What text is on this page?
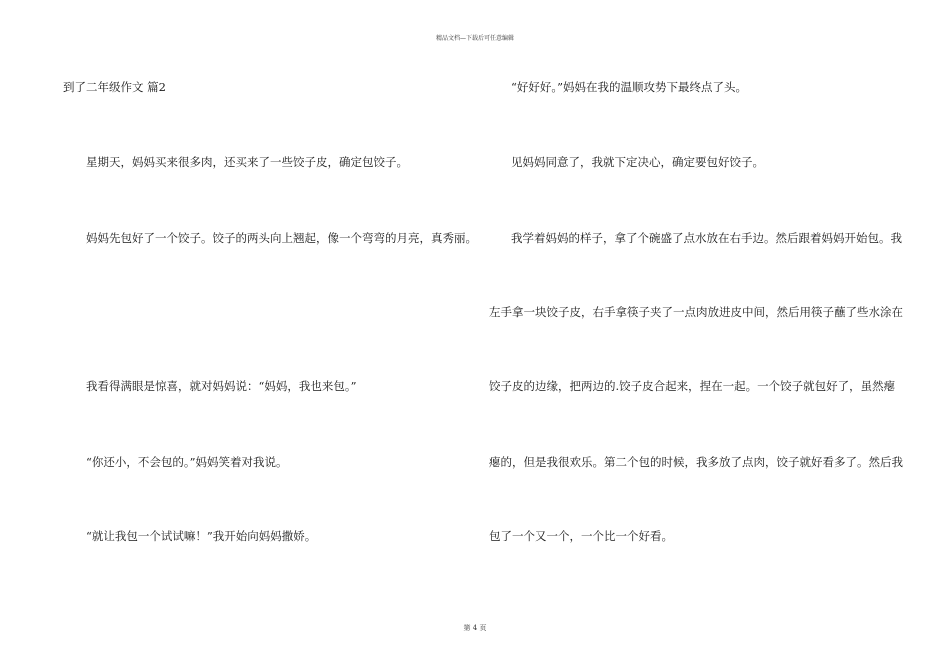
精品文档—下载后可任意编辑
到了二年级作文 篇2
星期天，妈妈买来很多肉，还买来了一些饺子皮，确定包饺子。
妈妈先包好了一个饺子。饺子的两头向上翘起，像一个弯弯的月亮，真秀丽。
我看得满眼是惊喜，就对妈妈说：“妈妈，我也来包。”
“你还小，不会包的。”妈妈笑着对我说。
“就让我包一个试试嘛！”我开始向妈妈撒娇。
“好好好。”妈妈在我的温顺攻势下最终点了头。
见妈妈同意了，我就下定决心，确定要包好饺子。
我学着妈妈的样子，拿了个碗盛了点水放在右手边。然后跟着妈妈开始包。我
左手拿一块饺子皮，右手拿筷子夹了一点肉放进皮中间，然后用筷子蘸了些水涂在
饺子皮的边缘，把两边的.饺子皮合起来，捏在一起。一个饺子就包好了，虽然瘪
瘪的，但是我很欢乐。第二个包的时候，我多放了点肉，饺子就好看多了。然后我
包了一个又一个，一个比一个好看。
第 4 页
